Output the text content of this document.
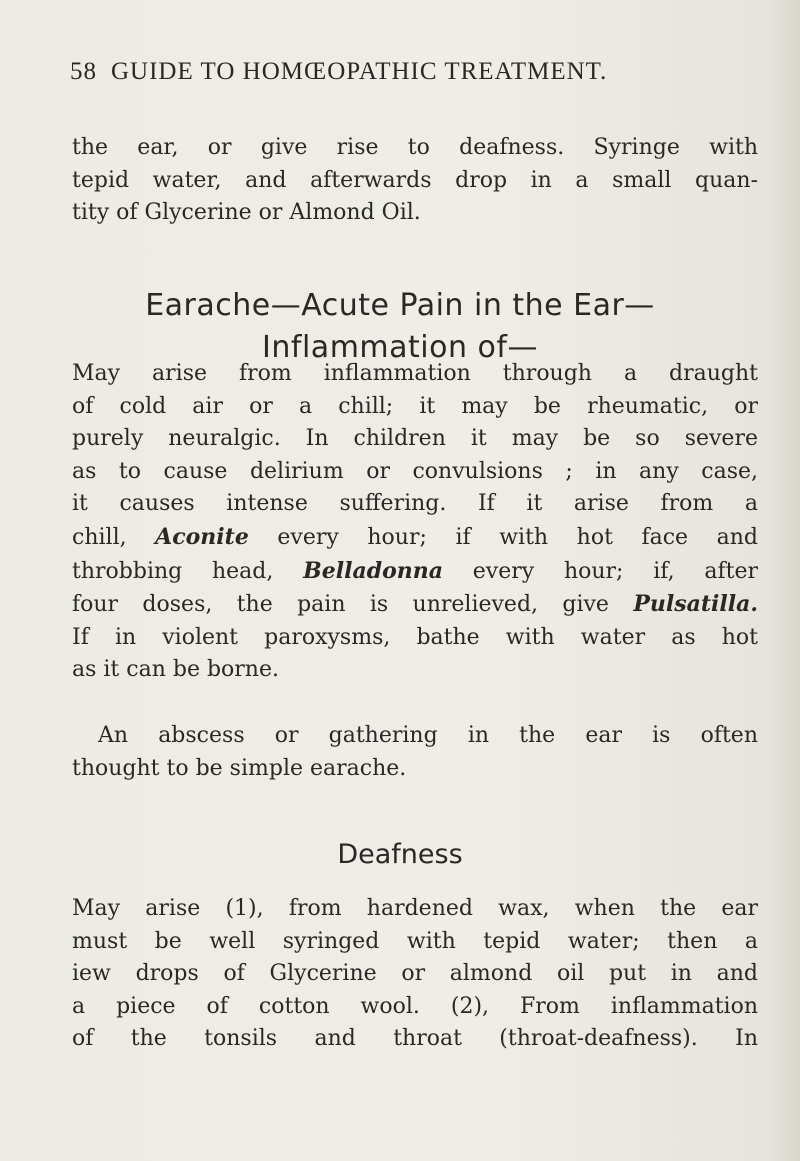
58 GUIDE TO HOMŒOPATHIC TREATMENT.
the ear, or give rise to deafness. Syringe with
tepid water, and afterwards drop in a small quan-
tity of Glycerine or Almond Oil.
Earache—Acute Pain in the Ear—
Inflammation of—
May arise from inflammation through a draught
of cold air or a chill; it may be rheumatic, or
purely neuralgic. In children it may be so severe
as to cause delirium or convulsions ; in any case,
it causes intense suffering. If it arise from a
chill, Aconite every hour; if with hot face and
throbbing head, Belladonna every hour; if, after
four doses, the pain is unrelieved, give Pulsatilla.
If in violent paroxysms, bathe with water as hot
as it can be borne.
An abscess or gathering in the ear is often
thought to be simple earache.
Deafness
May arise (1), from hardened wax, when the ear
must be well syringed with tepid water; then a
iew drops of Glycerine or almond oil put in and
a piece of cotton wool. (2), From inflammation
of the tonsils and throat (throat-deafness). In
